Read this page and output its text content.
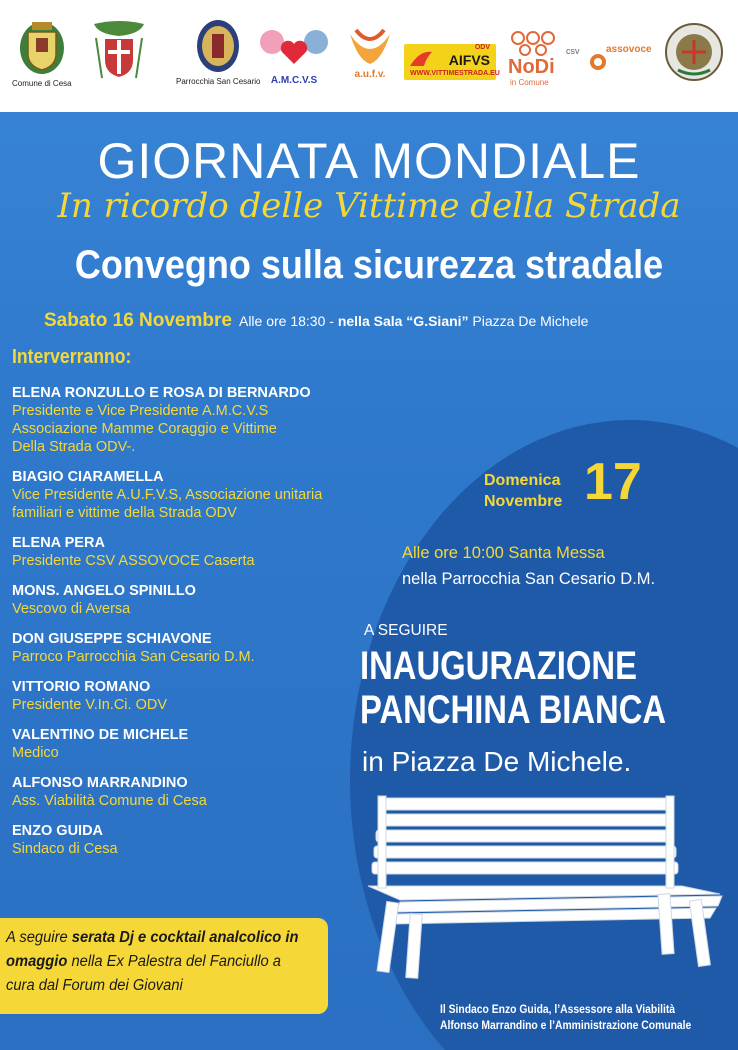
Comune di Cesa	Parrocchia San Cesario A.M.C.V.S
a.u.f.v.
ODV
AIFVS
WWW.VITTIMESTRADA.EU NoDi
in Comune
csv	assovoce
GIORNATA MONDIALE
In ricordo delle Vittime della Strada
Convegno sulla sicurezza stradale
Sabato 16 Novembre Alle ore 18:30 - nella Sala “G.Siani” Piazza De Michele
Interverranno:
ELENA RONZULLO E ROSA DI BERNARDO
Presidente e Vice Presidente A.M.C.V.S Associazione Mamme Coraggio e Vittime Della Strada ODV-.
BIAGIO CIARAMELLA
Vice Presidente A.U.F.V.S, Associazione unitaria familiari e vittime della Strada ODV
ELENA PERA
Presidente CSV ASSOVOCE Caserta
MONS. ANGELO SPINILLO
Vescovo di Aversa
DON GIUSEPPE SCHIAVONE
Parroco Parrocchia San Cesario D.M.
VITTORIO ROMANO
Presidente V.In.Ci. ODV
VALENTINO DE MICHELE
Medico
ALFONSO MARRANDINO
Ass. Viabilità Comune di Cesa
ENZO GUIDA
Sindaco di Cesa
A seguire serata Dj e cocktail analcolico in omaggio nella Ex Palestra del Fanciullo a cura dal Forum dei Giovani
Domenica
Novembre 17
Alle ore 10:00 Santa Messa
nella Parrocchia San Cesario D.M.
A SEGUIRE
INAUGURAZIONE
PANCHINA BIANCA
in Piazza De Michele.
Il Sindaco Enzo Guida, l’Assessore alla Viabilità
Alfonso Marrandino e l’Amministrazione Comunale
